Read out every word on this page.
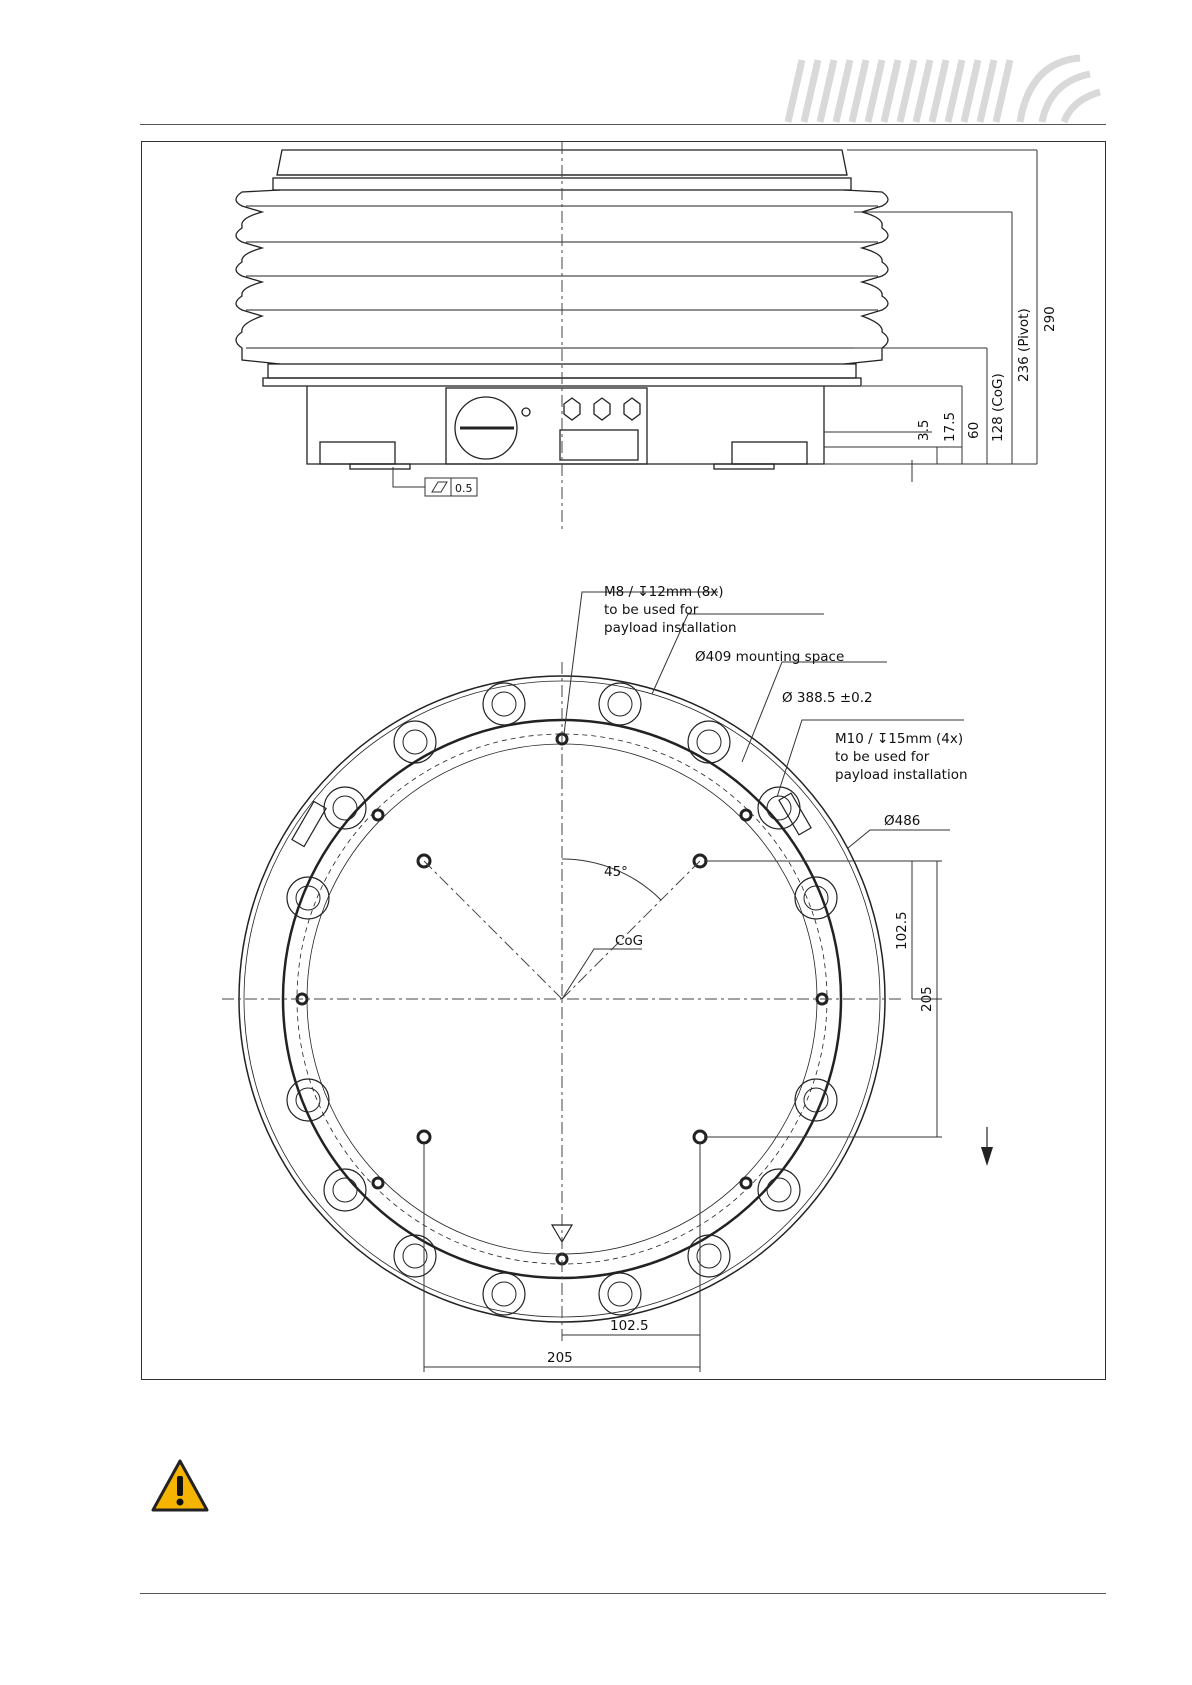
290
236 (Pivot)
128 (CoG)
60
17.5
3.5
0.5
45°
M8 / ↧12mm (8x)
to be used for
payload installation
Ø409 mounting space
Ø 388.5 ±0.2
M10 / ↧15mm (4x)
to be used for
payload installation
Ø486
CoG	102.5
205
102.5
205
